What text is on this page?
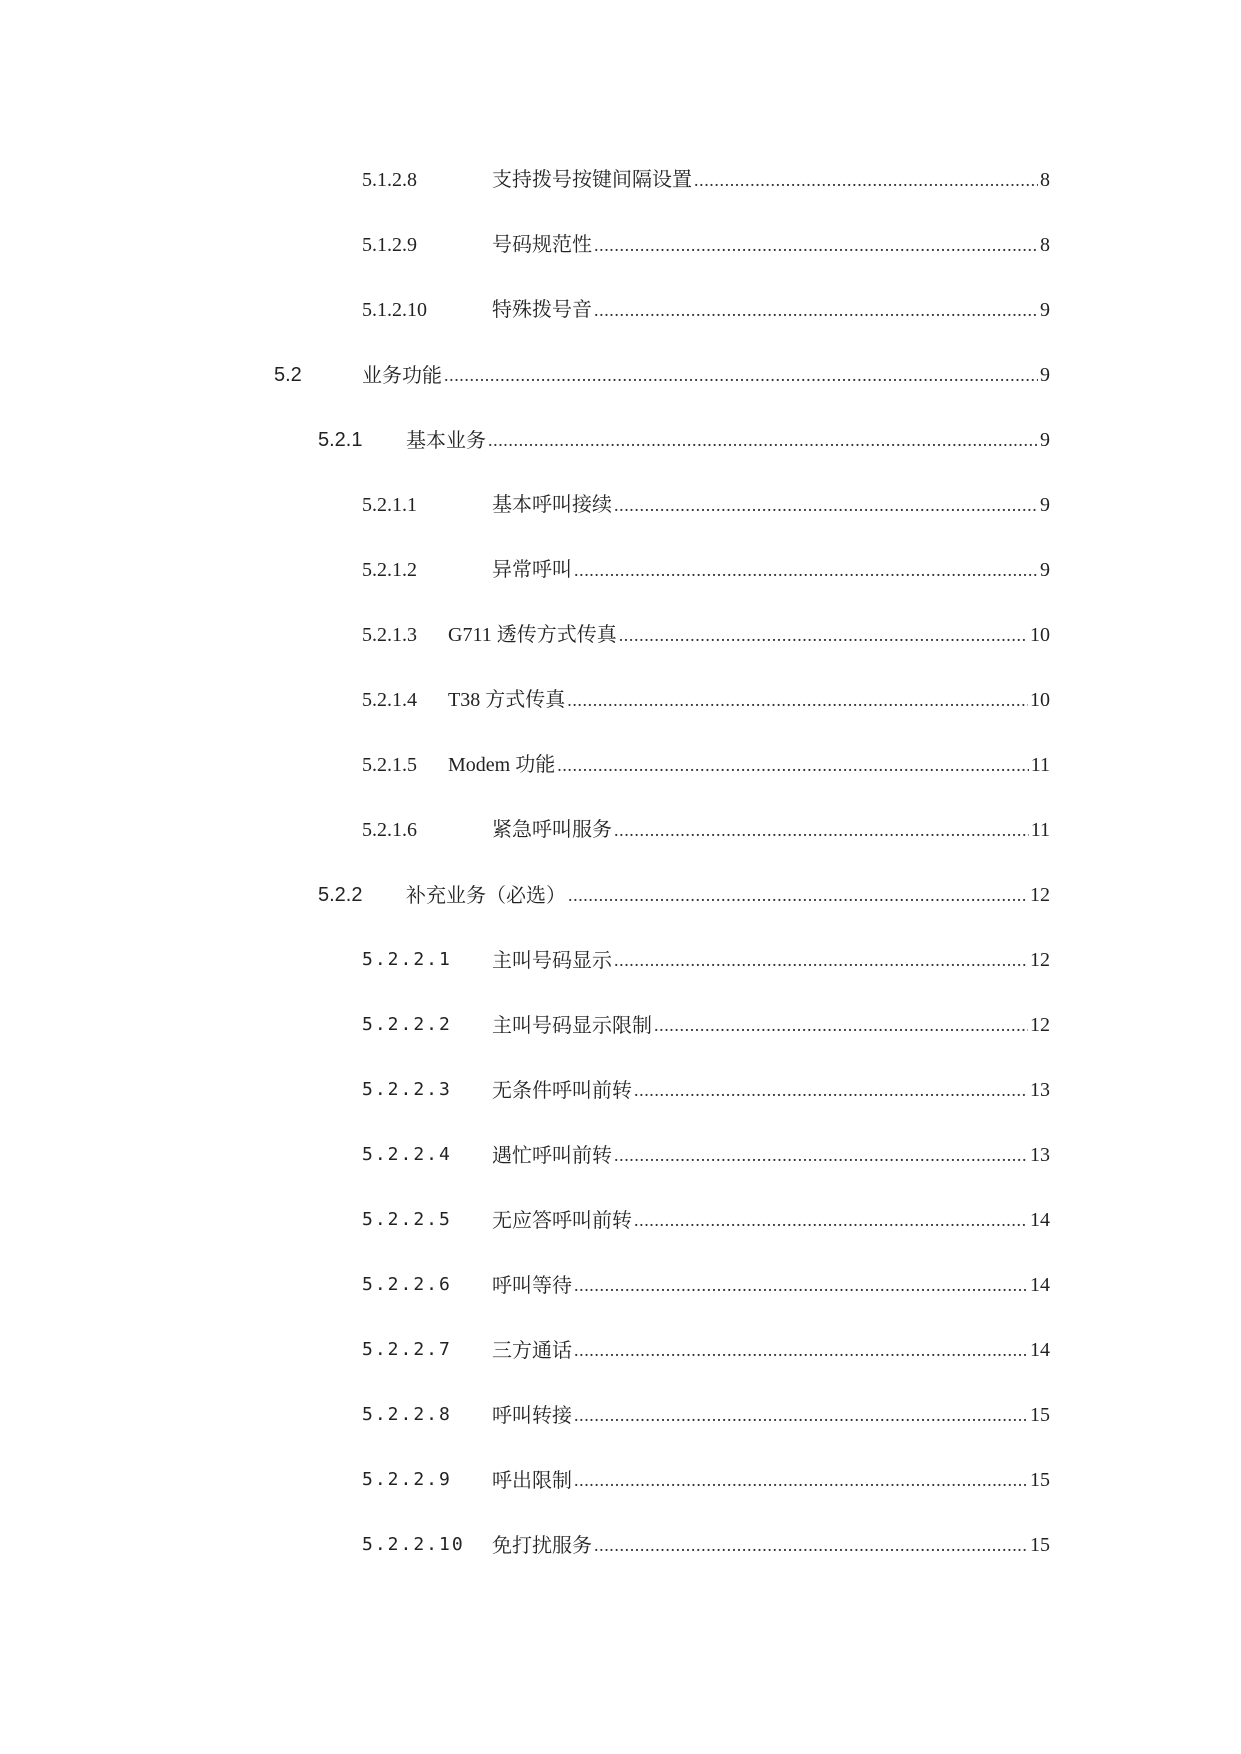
5.1.2.8	支持拨号按键间隔设置 .....	8
5.1.2.9	号码规范性 .....	8
5.1.2.10	特殊拨号音 .....	9
5.2	业务功能 .....	9
5.2.1	基本业务 .....	9
5.2.1.1	基本呼叫接续 .....	9
5.2.1.2	异常呼叫 .....	9
5.2.1.3	G711 透传方式传真 .....	10
5.2.1.4	T38 方式传真 .....	10
5.2.1.5	Modem 功能 .....	11
5.2.1.6	紧急呼叫服务 .....	11
5.2.2	补充业务（必选） .....	12
5.2.2.1	主叫号码显示 .....	12
5.2.2.2	主叫号码显示限制 .....	12
5.2.2.3	无条件呼叫前转 .....	13
5.2.2.4	遇忙呼叫前转 .....	13
5.2.2.5	无应答呼叫前转 .....	14
5.2.2.6	呼叫等待 .....	14
5.2.2.7	三方通话 .....	14
5.2.2.8	呼叫转接 .....	15
5.2.2.9	呼出限制 .....	15
5.2.2.10	免打扰服务 .....	15
